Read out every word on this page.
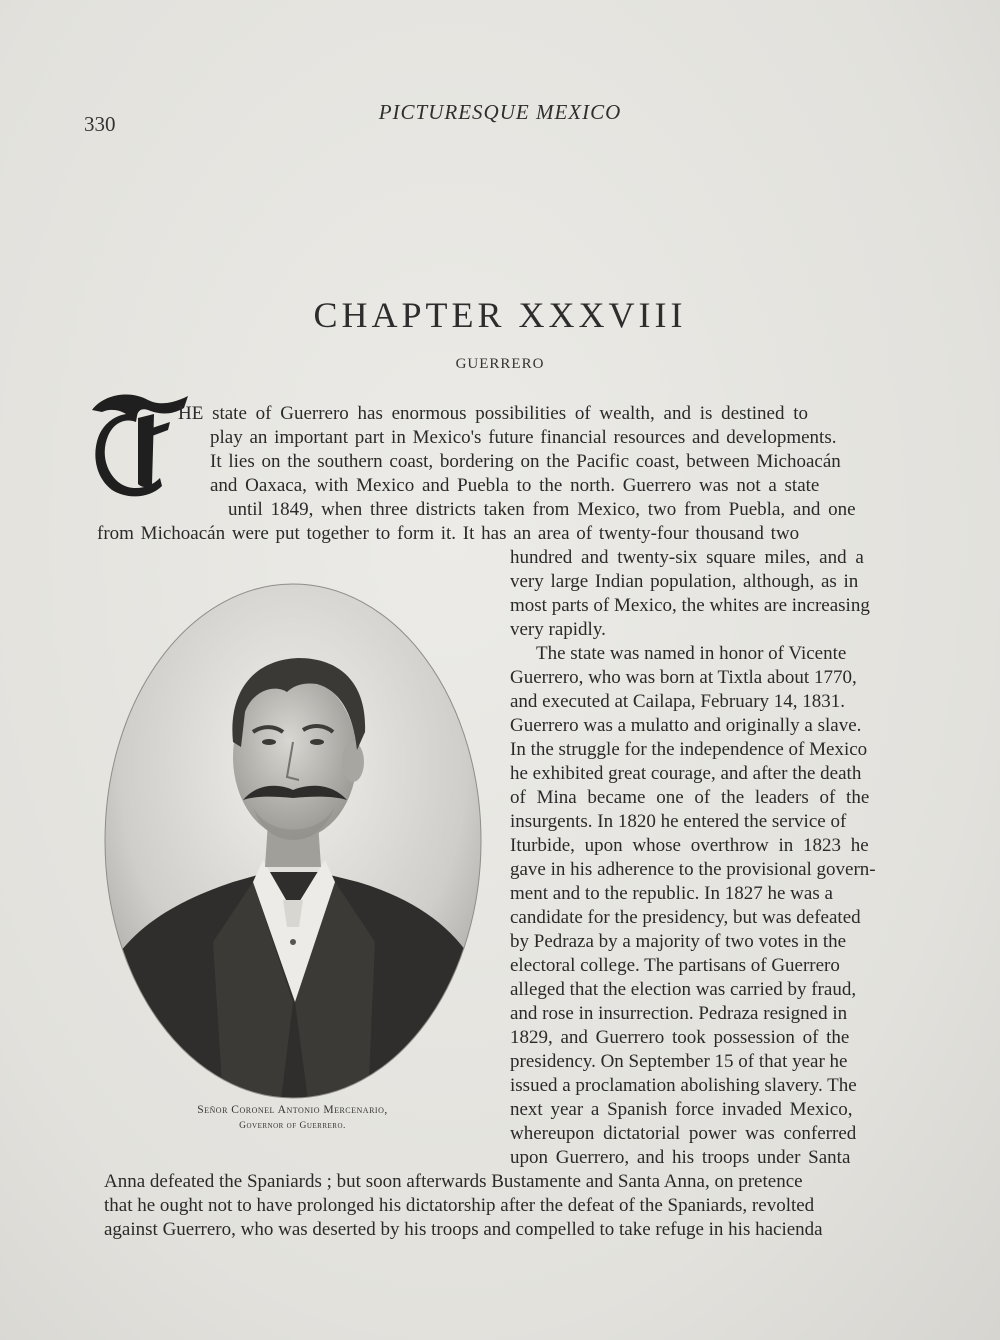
330	PICTURESQUE MEXICO
CHAPTER XXXVIII
GUERRERO
HE state of Guerrero has enormous possibilities of wealth, and is destined to
play an important part in Mexico's future financial resources and developments.
It lies on the southern coast, bordering on the Pacific coast, between Michoacán
and Oaxaca, with Mexico and Puebla to the north. Guerrero was not a state
until 1849, when three districts taken from Mexico, two from Puebla, and one
from Michoacán were put together to form it. It has an area of twenty-four thousand two
hundred and twenty-six square miles, and a
very large Indian population, although, as in
most parts of Mexico, the whites are increasing
very rapidly.
The state was named in honor of Vicente
Guerrero, who was born at Tixtla about 1770,
and executed at Cailapa, February 14, 1831.
Guerrero was a mulatto and originally a slave.
In the struggle for the independence of Mexico
he exhibited great courage, and after the death
of Mina became one of the leaders of the
insurgents. In 1820 he entered the service of
Iturbide, upon whose overthrow in 1823 he
gave in his adherence to the provisional govern-
ment and to the republic. In 1827 he was a
candidate for the presidency, but was defeated
by Pedraza by a majority of two votes in the
electoral college. The partisans of Guerrero
alleged that the election was carried by fraud,
and rose in insurrection. Pedraza resigned in
1829, and Guerrero took possession of the
presidency. On September 15 of that year he
issued a proclamation abolishing slavery. The
next year a Spanish force invaded Mexico,
whereupon dictatorial power was conferred
upon Guerrero, and his troops under Santa
Anna defeated the Spaniards ; but soon afterwards Bustamente and Santa Anna, on pretence
that he ought not to have prolonged his dictatorship after the defeat of the Spaniards, revolted
against Guerrero, who was deserted by his troops and compelled to take refuge in his hacienda
Señor Coronel Antonio Mercenario,
Governor of Guerrero.
